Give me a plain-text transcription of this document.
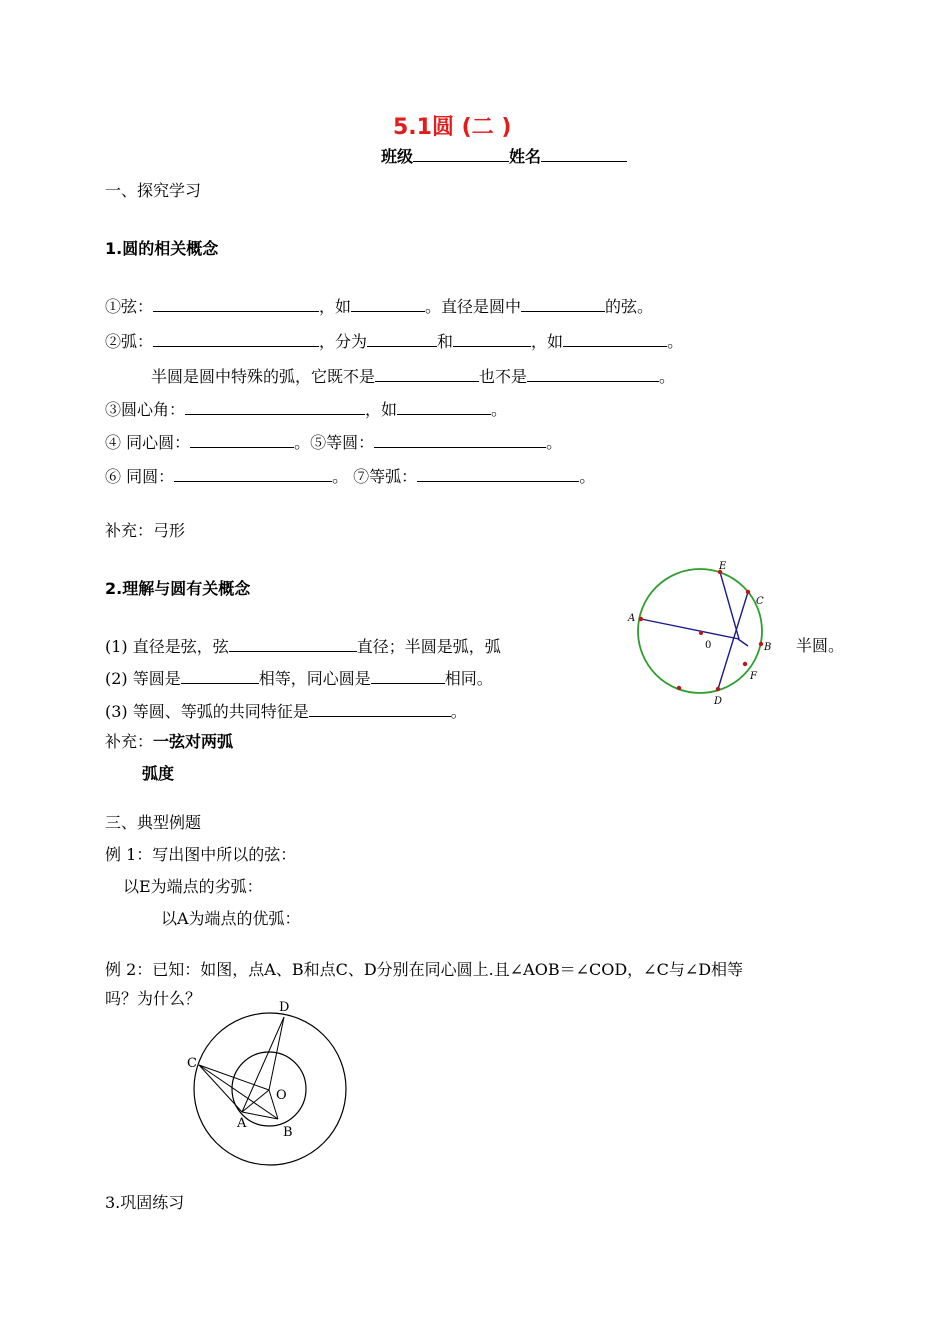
5.1圆 (二 )
班级	姓名
一、探究学习
1.圆的相关概念
①弦：	，如	。直径是圆中	的弦。
②弧：	，分为	和	，如	。
半圆是圆中特殊的弧，它既不是	也不是	。
③圆心角：	，如	。
④ 同心圆：	。⑤等圆：	。
⑥ 同圆：	。 ⑦等弧：	。
补充：弓形
2.理解与圆有关概念
(1) 直径是弦，弦	直径；半圆是弧，弧	半圆。
(2) 等圆是	相等，同心圆是	相同。
(3) 等圆、等弧的共同特征是	。
补充：一弦对两弧
弧度
三、典型例题
例 1：写出图中所以的弦：
以E为端点的劣弧：
以A为端点的优弧：
例 2：已知：如图，点A、B和点C、D分别在同心圆上.且∠AOB＝∠COD，∠C与∠D相等
吗？为什么？
3.巩固练习
A
E
C
B
F
D
0
D
C
O
A
B
